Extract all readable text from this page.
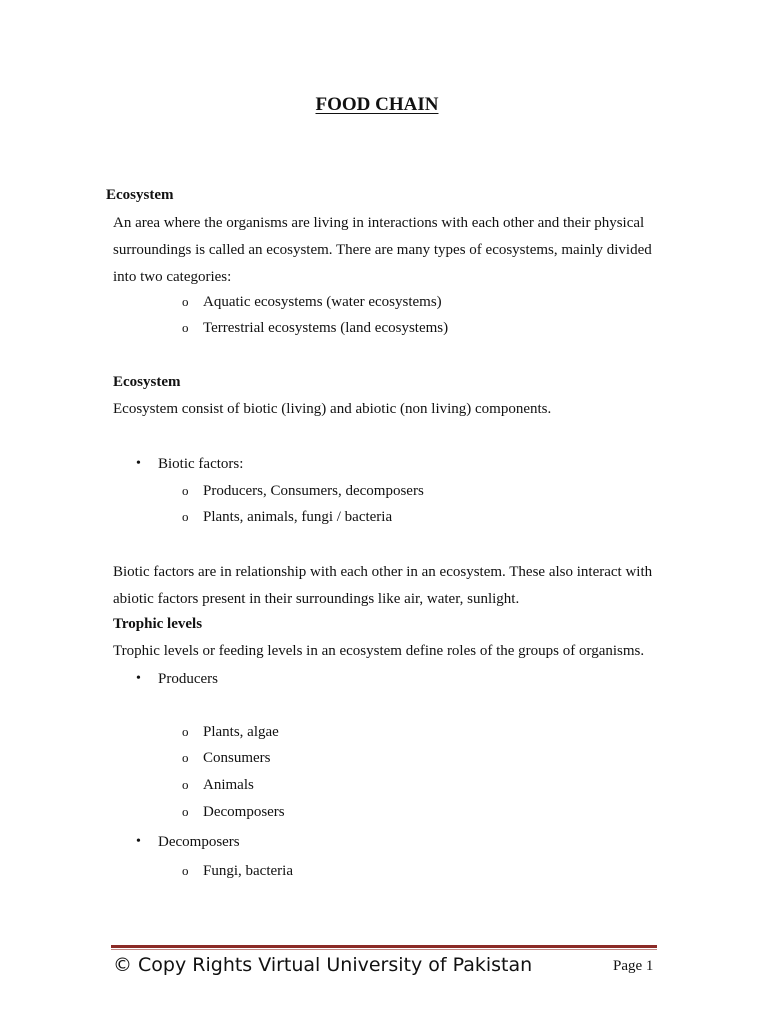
FOOD CHAIN
Ecosystem
An area where the organisms are living in interactions with each other and their physical
surroundings is called an ecosystem. There are many types of ecosystems, mainly divided
into two categories:
o Aquatic ecosystems (water ecosystems)
o Terrestrial ecosystems (land ecosystems)
Ecosystem
Ecosystem consist of biotic (living) and abiotic (non living) components.
• Biotic factors:
o Producers, Consumers, decomposers
o Plants, animals, fungi / bacteria
Biotic factors are in relationship with each other in an ecosystem. These also interact with
abiotic factors present in their surroundings like air, water, sunlight.
Trophic levels
Trophic levels or feeding levels in an ecosystem define roles of the groups of organisms.
• Producers
o Plants, algae
o Consumers
o Animals
o Decomposers
• Decomposers
o Fungi, bacteria
© Copy Rights Virtual University of Pakistan	Page 1
